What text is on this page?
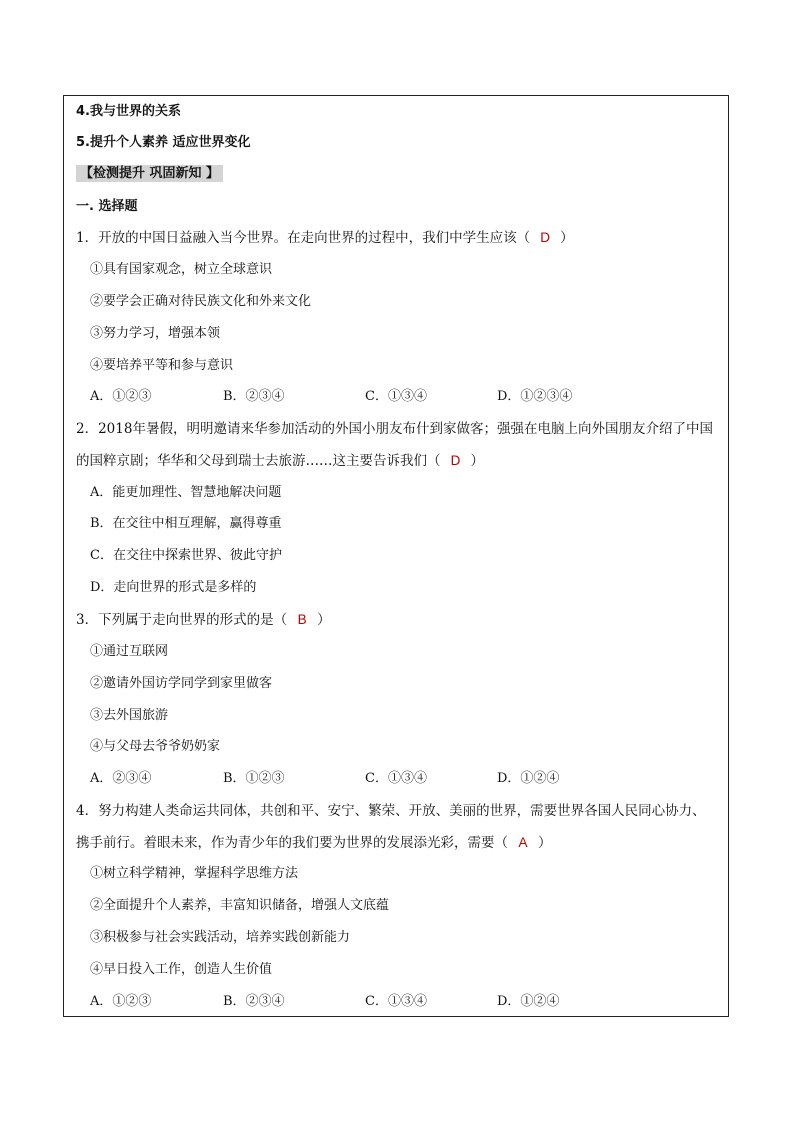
4.我与世界的关系
5.提升个人素养 适应世界变化
【检测提升 巩固新知 】
一. 选择题
1．开放的中国日益融入当今世界。在走向世界的过程中，我们中学生应该（ D ）
①具有国家观念，树立全球意识
②要学会正确对待民族文化和外来文化
③努力学习，增强本领
④要培养平等和参与意识
A．①②③	B．②③④	C．①③④	D．①②③④
2．2018年暑假，明明邀请来华参加活动的外国小朋友布什到家做客；强强在电脑上向外国朋友介绍了中国
的国粹京剧；华华和父母到瑞士去旅游……这主要告诉我们（ D ）
A．能更加理性、智慧地解决问题
B．在交往中相互理解，赢得尊重
C．在交往中探索世界、彼此守护
D．走向世界的形式是多样的
3．下列属于走向世界的形式的是（ B ）
①通过互联网
②邀请外国访学同学到家里做客
③去外国旅游
④与父母去爷爷奶奶家
A．②③④	B．①②③	C．①③④	D．①②④
4．努力构建人类命运共同体，共创和平、安宁、繁荣、开放、美丽的世界，需要世界各国人民同心协力、
携手前行。着眼未来，作为青少年的我们要为世界的发展添光彩，需要（ A ）
①树立科学精神，掌握科学思维方法
②全面提升个人素养，丰富知识储备，增强人文底蕴
③积极参与社会实践活动，培养实践创新能力
④早日投入工作，创造人生价值
A．①②③	B．②③④	C．①③④	D．①②④
